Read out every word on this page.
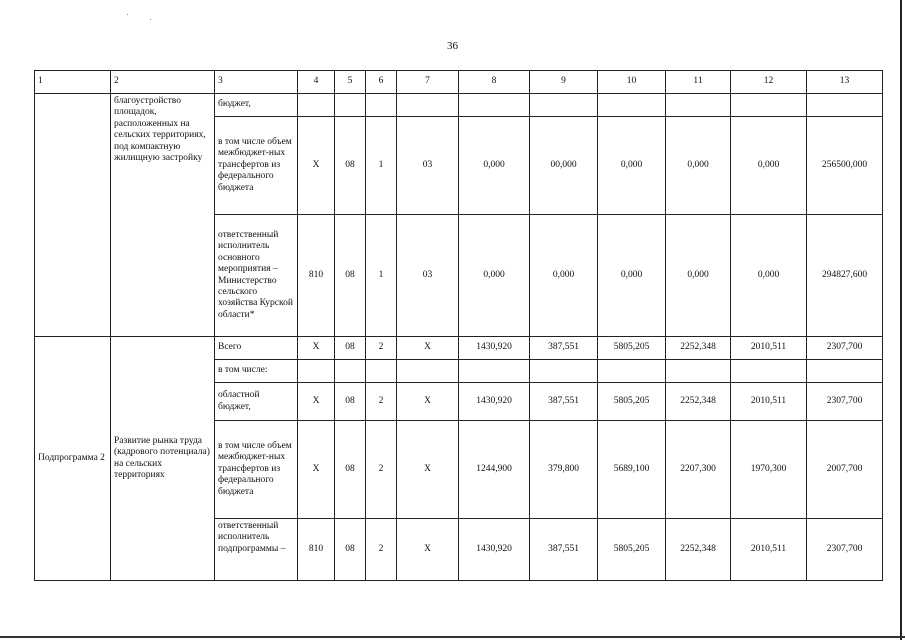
36
1	2	3	4	5	6	7	8	9	10	11	12	13
	благоустройство площадок, расположенных на сельских территориях, под компактную жилищную застройку	бюджет,										
		в том числе объем межбюджет-ных трансфертов из федерального бюджета	Х	08	1	03	0,000	00,000	0,000	0,000	0,000	256500,000
		ответственный исполнитель основного мероприятия – Министерство сельского хозяйства Курской области*	810	08	1	03	0,000	0,000	0,000	0,000	0,000	294827,600
Подпрограмма 2	Развитие рынка труда (кадрового потенциала) на сельских территориях	Всего	Х	08	2	Х	1430,920	387,551	5805,205	2252,348	2010,511	2307,700
		в том числе:										
		областной бюджет,	Х	08	2	Х	1430,920	387,551	5805,205	2252,348	2010,511	2307,700
		в том числе объем межбюджет-ных трансфертов из федерального бюджета	Х	08	2	Х	1244,900	379,800	5689,100	2207,300	1970,300	2007,700
		ответственный исполнитель подпрограммы –	810	08	2	Х	1430,920	387,551	5805,205	2252,348	2010,511	2307,700
